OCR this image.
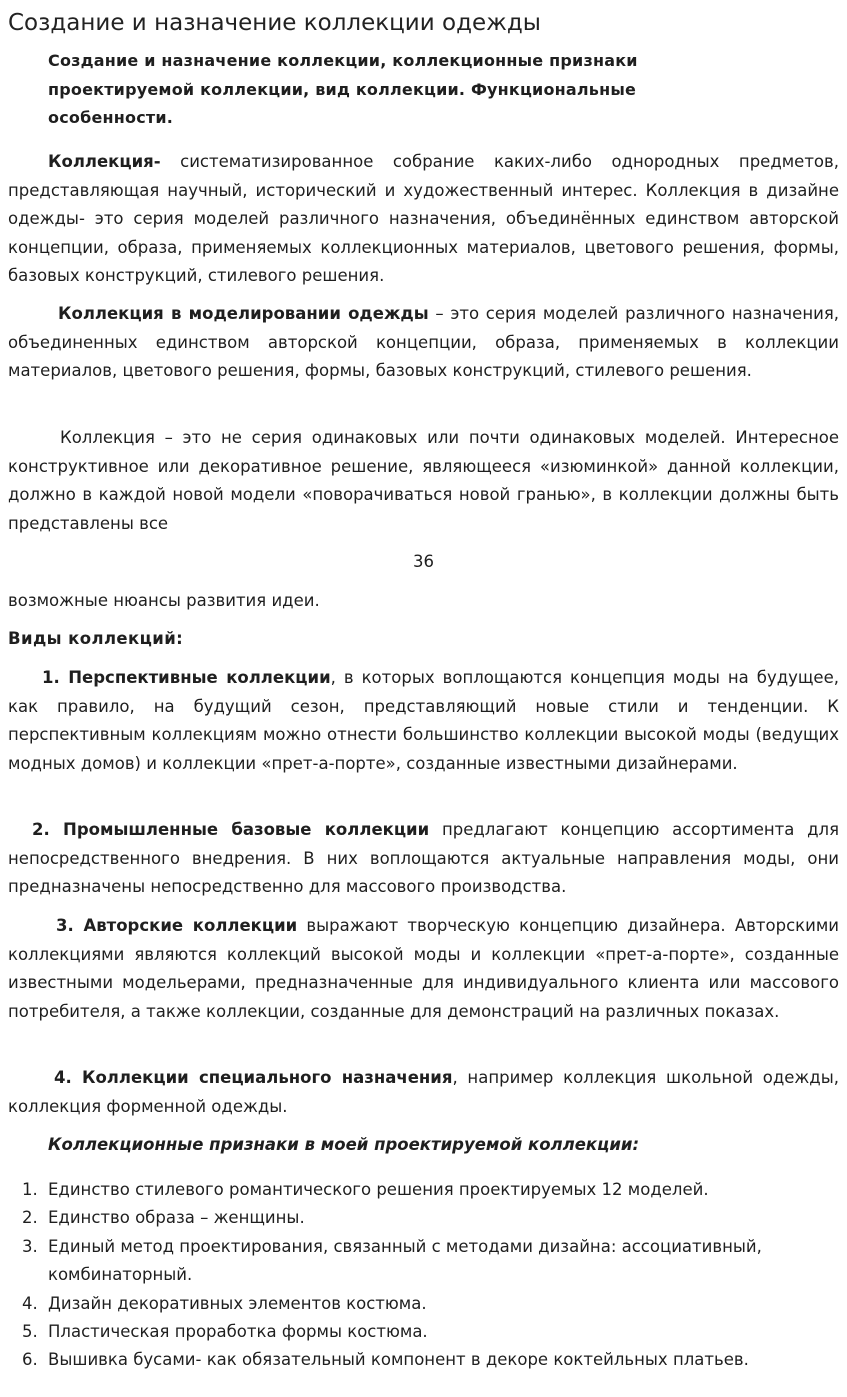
Создание и назначение коллекции одежды

Создание и назначение коллекции, коллекционные признаки проектируемой коллекции, вид коллекции. Функциональные особенности.

Коллекция- систематизированное собрание каких-либо однородных предметов, представляющая научный, исторический и художественный интерес. Коллекция в дизайне одежды- это серия моделей различного назначения, объединённых единством авторской концепции, образа, применяемых коллекционных материалов, цветового решения, формы, базовых конструкций, стилевого решения.

Коллекция в моделировании одежды – это серия моделей различного назначения, объединенных единством авторской концепции, образа, применяемых в коллекции материалов, цветового решения, формы, базовых конструкций, стилевого решения.

Коллекция – это не серия одинаковых или почти одинаковых моделей. Интересное конструктивное или декоративное решение, являющееся «изюминкой» данной коллекции, должно в каждой новой модели «поворачиваться новой гранью», в коллекции должны быть представлены все

36

возможные нюансы развития идеи.

Виды коллекций:

1. Перспективные коллекции, в которых воплощаются концепция моды на будущее, как правило, на будущий сезон, представляющий новые стили и тенденции. К перспективным коллекциям можно отнести большинство коллекции высокой моды (ведущих модных домов) и коллекции «прет-а-порте», созданные известными дизайнерами.

2. Промышленные базовые коллекции предлагают концепцию ассортимента для непосредственного внедрения. В них воплощаются актуальные направления моды, они предназначены непосредственно для массового производства.

3. Авторские коллекции выражают творческую концепцию дизайнера. Авторскими коллекциями являются коллекций высокой моды и коллекции «прет-а-порте», созданные известными модельерами, предназначенные для индивидуального клиента или массового потребителя, а также коллекции, созданные для демонстраций на различных показах.

4. Коллекции специального назначения, например коллекция школьной одежды, коллекция форменной одежды.

Коллекционные признаки в моей проектируемой коллекции:

1. Единство стилевого романтического решения проектируемых 12 моделей.
2. Единство образа – женщины.
3. Единый метод проектирования, связанный с методами дизайна: ассоциативный, комбинаторный.
4. Дизайн декоративных элементов костюма.
5. Пластическая проработка формы костюма.
6. Вышивка бусами- как обязательный компонент в декоре коктейльных платьев.
